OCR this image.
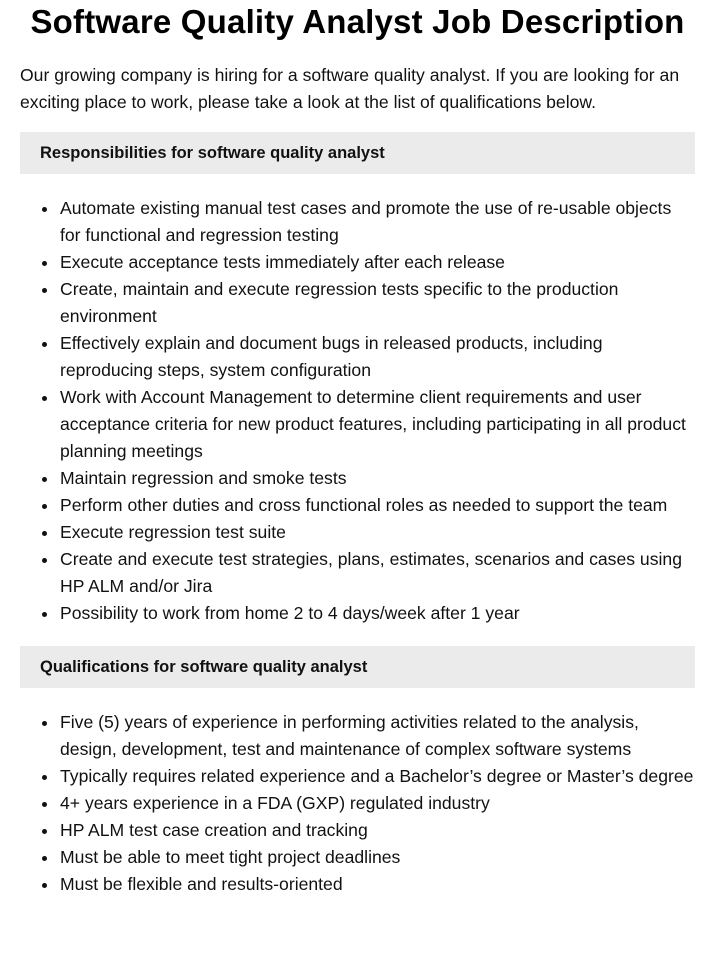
Software Quality Analyst Job Description

Our growing company is hiring for a software quality analyst. If you are looking for an exciting place to work, please take a look at the list of qualifications below.

Responsibilities for software quality analyst
Automate existing manual test cases and promote the use of re-usable objects for functional and regression testing
Execute acceptance tests immediately after each release
Create, maintain and execute regression tests specific to the production environment
Effectively explain and document bugs in released products, including reproducing steps, system configuration
Work with Account Management to determine client requirements and user acceptance criteria for new product features, including participating in all product planning meetings
Maintain regression and smoke tests
Perform other duties and cross functional roles as needed to support the team
Execute regression test suite
Create and execute test strategies, plans, estimates, scenarios and cases using HP ALM and/or Jira
Possibility to work from home 2 to 4 days/week after 1 year
Qualifications for software quality analyst
Five (5) years of experience in performing activities related to the analysis, design, development, test and maintenance of complex software systems
Typically requires related experience and a Bachelor’s degree or Master’s degree
4+ years experience in a FDA (GXP) regulated industry
HP ALM test case creation and tracking
Must be able to meet tight project deadlines
Must be flexible and results-oriented
